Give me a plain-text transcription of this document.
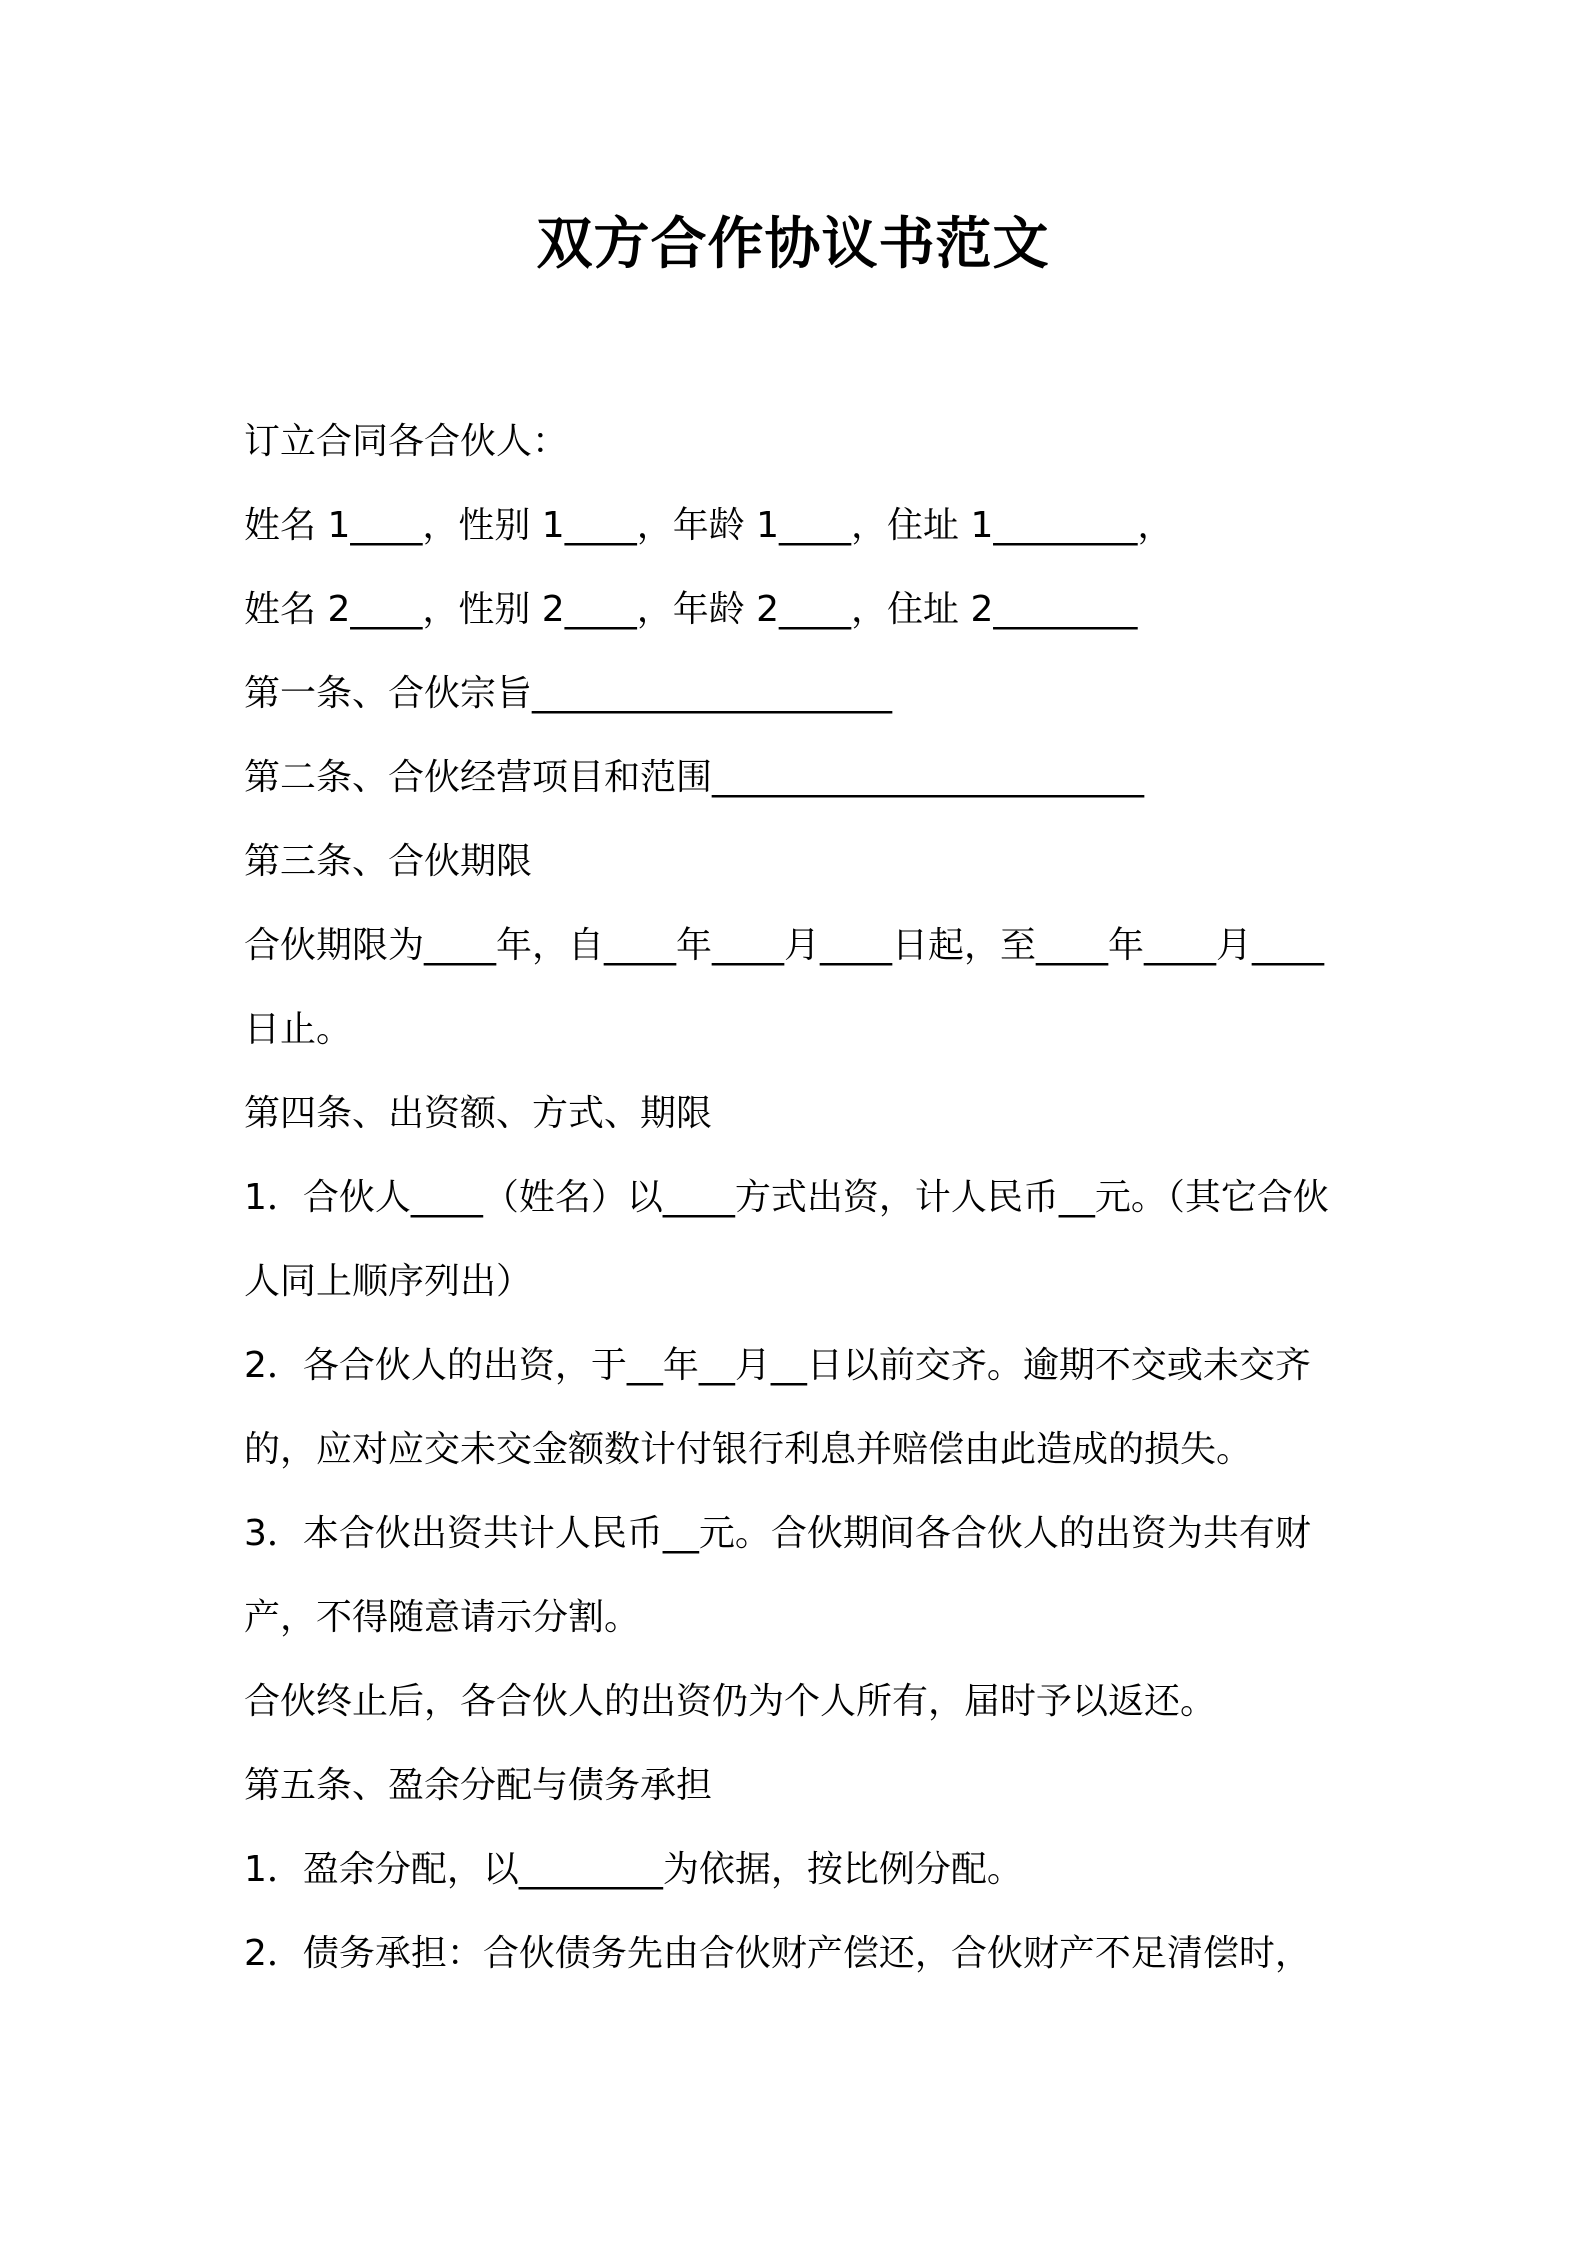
双方合作协议书范文

订立合同各合伙人：

姓名 1____，性别 1____，年龄 1____，住址 1________，

姓名 2____，性别 2____，年龄 2____，住址 2________

第一条、合伙宗旨____________________

第二条、合伙经营项目和范围________________________

第三条、合伙期限

合伙期限为____年，自____年____月____日起，至____年____月____

日止。

第四条、出资额、方式、期限

1．合伙人____（姓名）以____方式出资，计人民币__元。（其它合伙

人同上顺序列出）

2．各合伙人的出资，于__年__月__日以前交齐。逾期不交或未交齐

的，应对应交未交金额数计付银行利息并赔偿由此造成的损失。

3．本合伙出资共计人民币__元。合伙期间各合伙人的出资为共有财

产，不得随意请示分割。

合伙终止后，各合伙人的出资仍为个人所有，届时予以返还。

第五条、盈余分配与债务承担

1．盈余分配，以________为依据，按比例分配。

2．债务承担：合伙债务先由合伙财产偿还，合伙财产不足清偿时，
